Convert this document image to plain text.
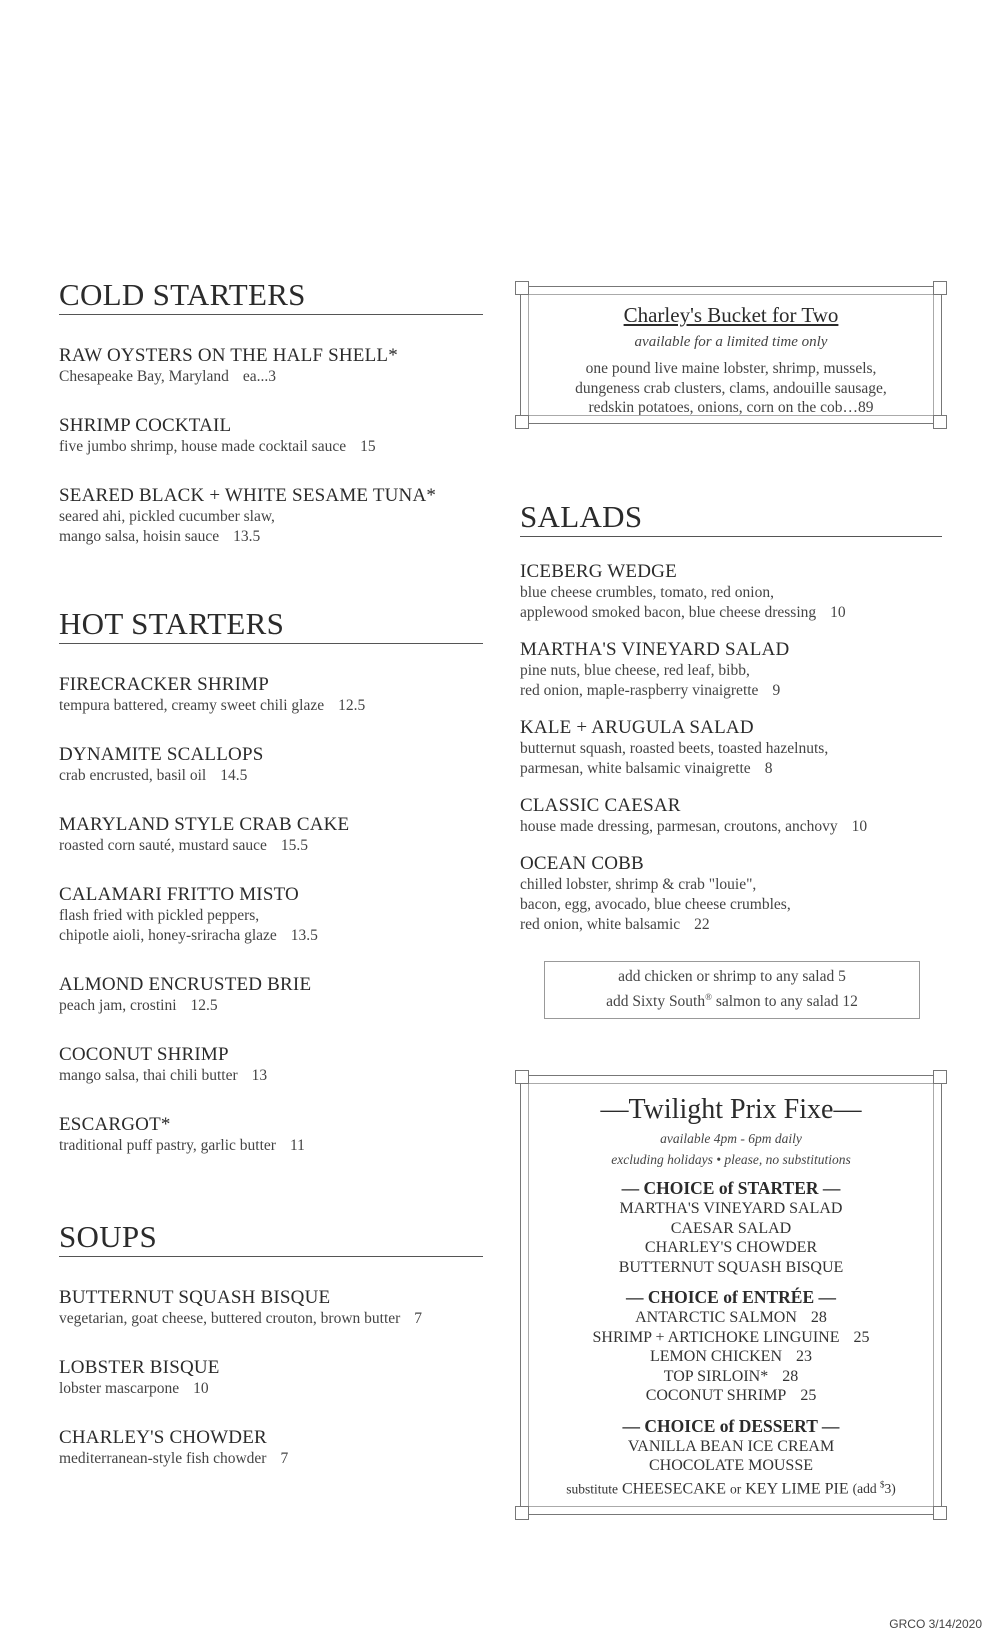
COLD STARTERS
RAW OYSTERS ON THE HALF SHELL*
Chesapeake Bay, Maryland ea...3
SHRIMP COCKTAIL
five jumbo shrimp, house made cocktail sauce 15
SEARED BLACK + WHITE SESAME TUNA*
seared ahi, pickled cucumber slaw,
mango salsa, hoisin sauce 13.5
HOT STARTERS
FIRECRACKER SHRIMP
tempura battered, creamy sweet chili glaze 12.5
DYNAMITE SCALLOPS
crab encrusted, basil oil 14.5
MARYLAND STYLE CRAB CAKE
roasted corn sauté, mustard sauce 15.5
CALAMARI FRITTO MISTO
flash fried with pickled peppers,
chipotle aioli, honey-sriracha glaze 13.5
ALMOND ENCRUSTED BRIE
peach jam, crostini 12.5
COCONUT SHRIMP
mango salsa, thai chili butter 13
ESCARGOT*
traditional puff pastry, garlic butter 11
SOUPS
BUTTERNUT SQUASH BISQUE
vegetarian, goat cheese, buttered crouton, brown butter 7
LOBSTER BISQUE
lobster mascarpone 10
CHARLEY'S CHOWDER
mediterranean-style fish chowder 7
Charley's Bucket for Two
available for a limited time only
one pound live maine lobster, shrimp, mussels,
dungeness crab clusters, clams, andouille sausage,
redskin potatoes, onions, corn on the cob…89
SALADS
ICEBERG WEDGE
blue cheese crumbles, tomato, red onion,
applewood smoked bacon, blue cheese dressing 10
MARTHA'S VINEYARD SALAD
pine nuts, blue cheese, red leaf, bibb,
red onion, maple-raspberry vinaigrette 9
KALE + ARUGULA SALAD
butternut squash, roasted beets, toasted hazelnuts,
parmesan, white balsamic vinaigrette 8
CLASSIC CAESAR
house made dressing, parmesan, croutons, anchovy 10
OCEAN COBB
chilled lobster, shrimp & crab "louie",
bacon, egg, avocado, blue cheese crumbles,
red onion, white balsamic 22
add chicken or shrimp to any salad 5
add Sixty South® salmon to any salad 12
—Twilight Prix Fixe—
available 4pm - 6pm daily
excluding holidays • please, no substitutions
— CHOICE of STARTER —
MARTHA'S VINEYARD SALAD
CAESAR SALAD
CHARLEY'S CHOWDER
BUTTERNUT SQUASH BISQUE
— CHOICE of ENTRÉE —
ANTARCTIC SALMON 28
SHRIMP + ARTICHOKE LINGUINE 25
LEMON CHICKEN 23
TOP SIRLOIN* 28
COCONUT SHRIMP 25
— CHOICE of DESSERT —
VANILLA BEAN ICE CREAM
CHOCOLATE MOUSSE
substitute CHEESECAKE or KEY LIME PIE (add $3)
GRCO 3/14/2020
